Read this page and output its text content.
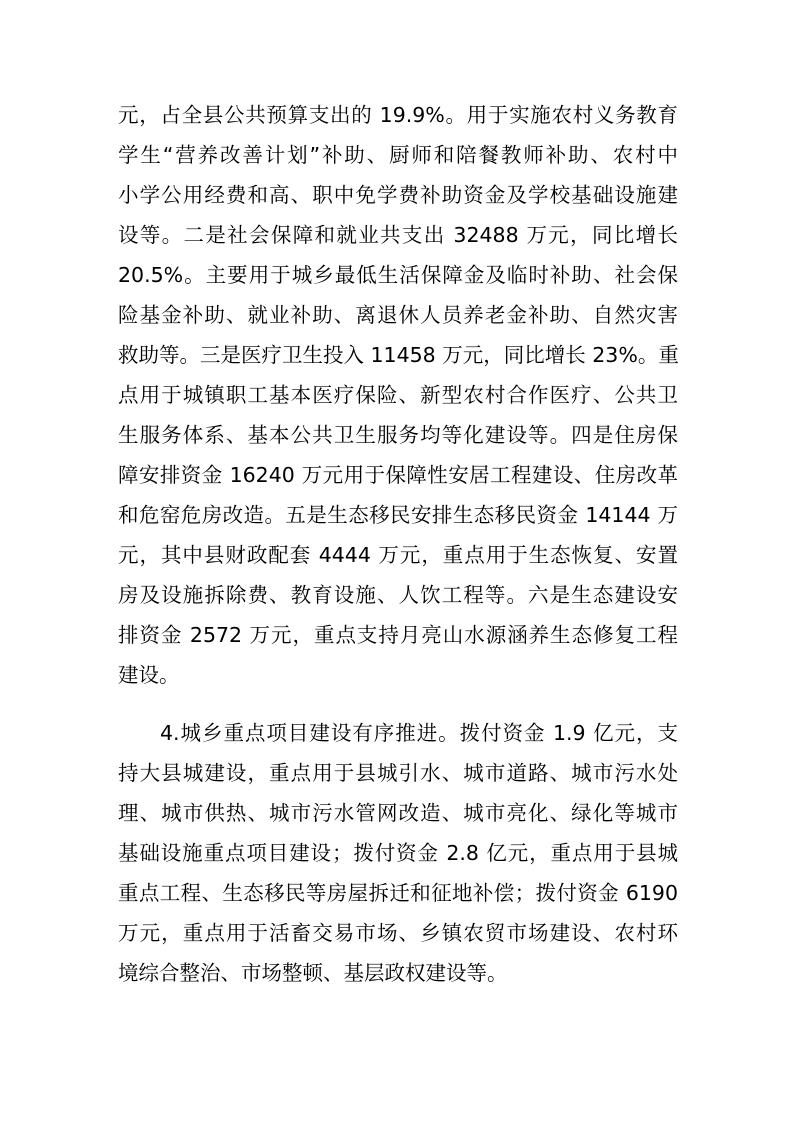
元，占全县公共预算支出的 19.9%。用于实施农村义务教育
学生“营养改善计划”补助、厨师和陪餐教师补助、农村中
小学公用经费和高、职中免学费补助资金及学校基础设施建
设等。二是社会保障和就业共支出 32488 万元，同比增长
20.5%。主要用于城乡最低生活保障金及临时补助、社会保
险基金补助、就业补助、离退休人员养老金补助、自然灾害
救助等。三是医疗卫生投入 11458 万元，同比增长 23%。重
点用于城镇职工基本医疗保险、新型农村合作医疗、公共卫
生服务体系、基本公共卫生服务均等化建设等。四是住房保
障安排资金 16240 万元用于保障性安居工程建设、住房改革
和危窑危房改造。五是生态移民安排生态移民资金 14144 万
元，其中县财政配套 4444 万元，重点用于生态恢复、安置
房及设施拆除费、教育设施、人饮工程等。六是生态建设安
排资金 2572 万元，重点支持月亮山水源涵养生态修复工程
建设。
4.城乡重点项目建设有序推进。拨付资金 1.9 亿元，支
持大县城建设，重点用于县城引水、城市道路、城市污水处
理、城市供热、城市污水管网改造、城市亮化、绿化等城市
基础设施重点项目建设；拨付资金 2.8 亿元，重点用于县城
重点工程、生态移民等房屋拆迁和征地补偿；拨付资金 6190
万元，重点用于活畜交易市场、乡镇农贸市场建设、农村环
境综合整治、市场整顿、基层政权建设等。
